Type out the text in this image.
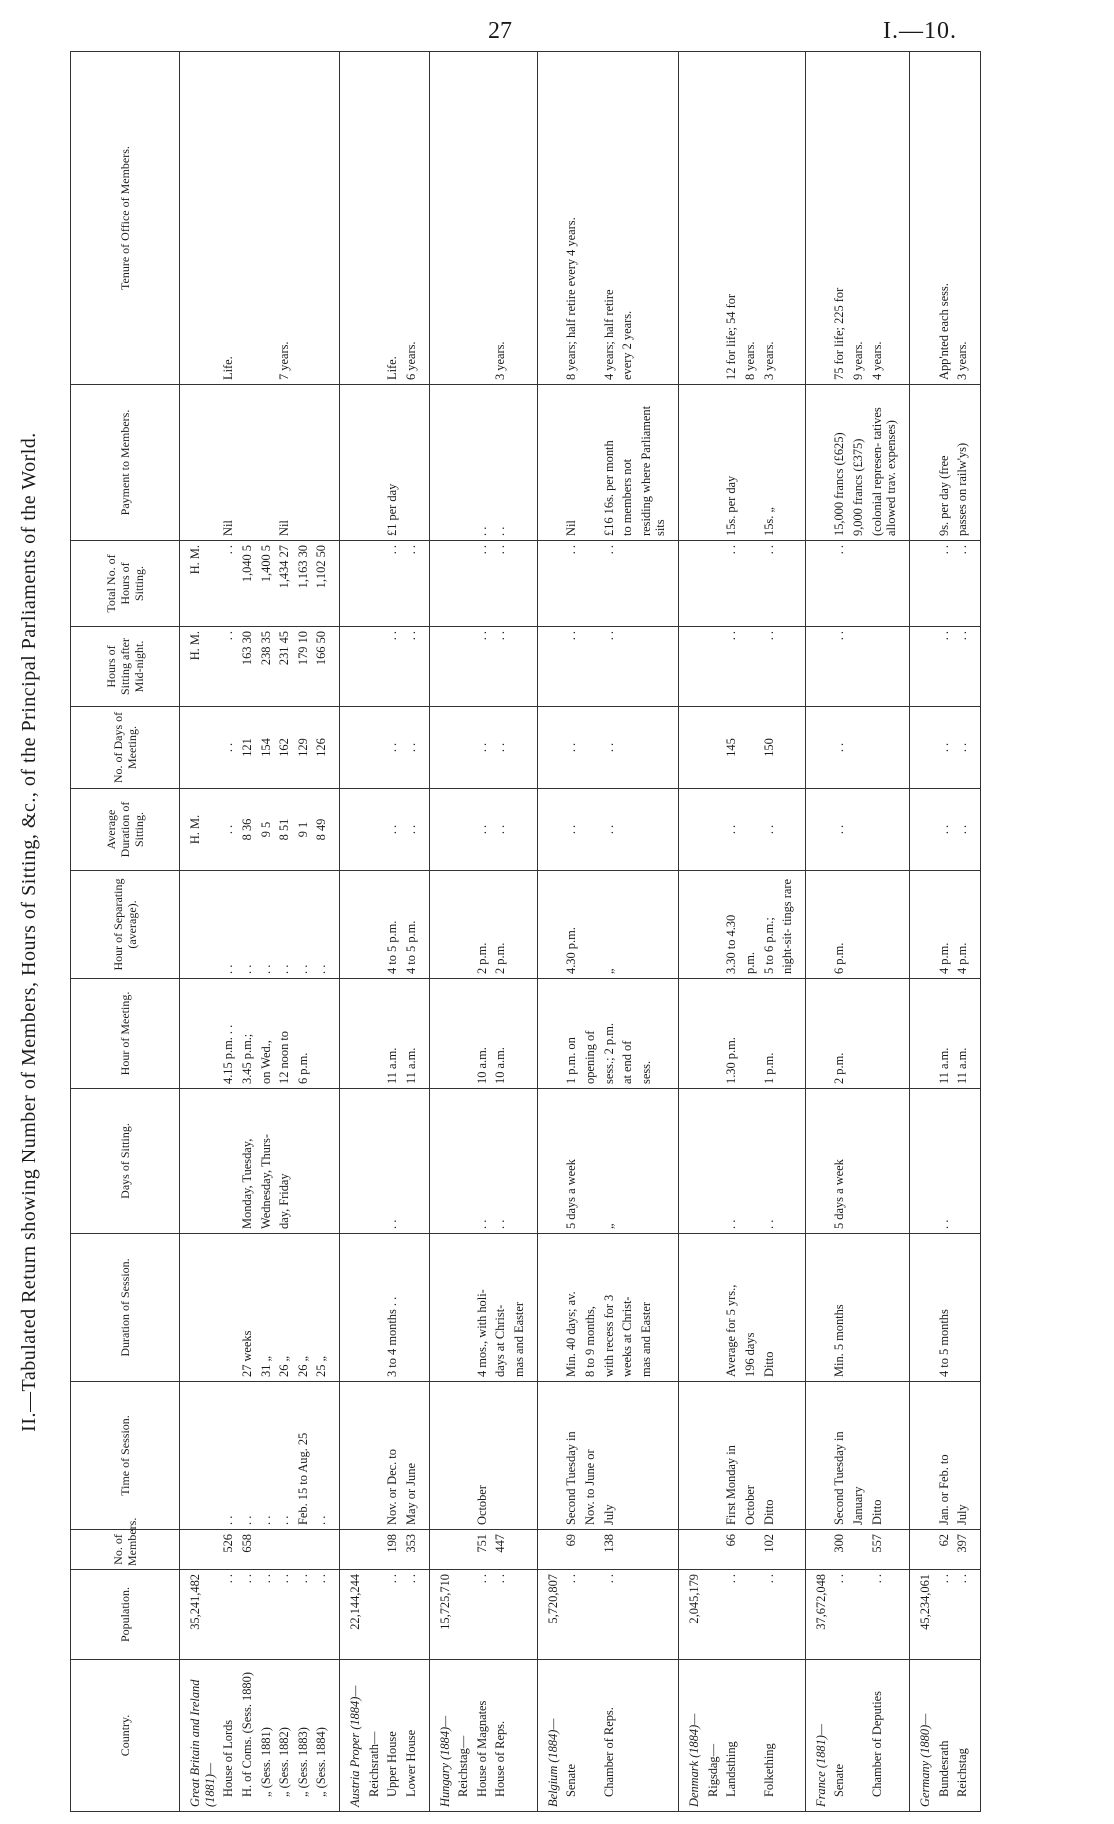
27	I.—10.
II.—Tabulated Return showing Number of Members, Hours of Sitting, &c., of the Principal Parliaments of the World.
Country.	Population.	No. of Members.	Time of Session.	Duration of Session.	Days of Sitting.	Hour of Meeting.	Hour of Separating (average).	Average Duration of Sitting.	No. of Days of Meeting.	Hours of Sitting after Mid-night.	Total No. of Hours of Sitting.	Payment to Members.	Tenure of Office of Members.
Great Britain and Ireland (1881)—	35,241,482							H. M.		H. M.	H. M.		
House of Lords	. .	526	. .			4.15 p.m. . .	. .	. .	. .	. .	. .	Nil	Life.
H. of Coms. (Sess. 1880)	. .	658	. .	27 weeks	Monday, Tuesday,	3.45 p.m.;	. .	8 36	121	163 30	1,040 5		
„ (Sess. 1881)	. .		. .	31 „	Wednesday, Thurs-	on Wed.,	. .	9 5	154	238 35	1,400 5		
„ (Sess. 1882)	. .		. .	26 „	day, Friday	12 noon to	. .	8 51	162	231 45	1,434 27	Nil	7 years.
„ (Sess. 1883)	. .		Feb. 15 to Aug. 25	26 „		6 p.m.	. .	9 1	129	179 10	1,163 30		
„ (Sess. 1884)	. .		. .	25 „			. .	8 49	126	166 50	1,102 50		
Austria Proper (1884)—	22,144,244												
Reichsrath—													
Upper House	. .	198	Nov. or Dec. to	3 to 4 months . .	. .	11 a.m.	4 to 5 p.m.	. .	. .	. .	. .	£1 per day	Life.
Lower House	. .	353	May or June			11 a.m.	4 to 5 p.m.	. .	. .	. .	. .		6 years.
Hungary (1884)—	15,725,710												
Reichstag—													
House of Magnates	. .	751	October	4 mos., with holi-	. .	10 a.m.	2 p.m.	. .	. .	. .	. .	. .	
House of Reps.	. .	447		days at Christ-	. .	10 a.m.	2 p.m.	. .	. .	. .	. .	. .	3 years.
				mas and Easter									
Belgium (1884)—	5,720,807												
Senate	. .	69	Second Tuesday in	Min. 40 days; av.	5 days a week	1 p.m. on	4.30 p.m.	. .	. .	. .	. .	Nil	8 years; half retire every 4 years.
			Nov. to June or	8 to 9 months,		opening of							
Chamber of Reps.	. .	138	July	with recess for 3	„	sess.; 2 p.m.	„	. .	. .	. .	. .	£16 16s. per month	4 years; half retire
				weeks at Christ-		at end of						to members not	every 2 years.
				mas and Easter		sess.						residing where Parliament sits	
Denmark (1884)—	2,045,179												
Rigsdag—													
Landsthing	. .	66	First Monday in	Average for 5 yrs.,	. .	1.30 p.m.	3.30 to 4.30	. .	145	. .	. .	15s. per day	12 for life; 54 for
			October	196 days			p.m.						8 years.
Folkething	. .	102	Ditto	Ditto	. .	1 p.m.	5 to 6 p.m.;	. .	150	. .	. .	15s. „	3 years.
							night-sit- tings rare						
France (1881)—	37,672,048												
Senate	. .	300	Second Tuesday in	Min. 5 months	5 days a week	2 p.m.	6 p.m.	. .	. .	. .	. .	15,000 francs (£625)	75 for life; 225 for
			January									9,000 francs (£375)	9 years.
Chamber of Deputies	. .	557	Ditto									(colonial represen- tatives allowed trav. expenses)	4 years.
Germany (1880)—	45,234,061												
Bundesrath	. .	62	Jan. or Feb. to	4 to 5 months	. .	11 a.m.	4 p.m.	. .	. .	. .	. .	9s. per day (free	App'nted each sess.
Reichstag	. .	397	July			11 a.m.	4 p.m.	. .	. .	. .	. .	passes on railw'ys)	3 years.
